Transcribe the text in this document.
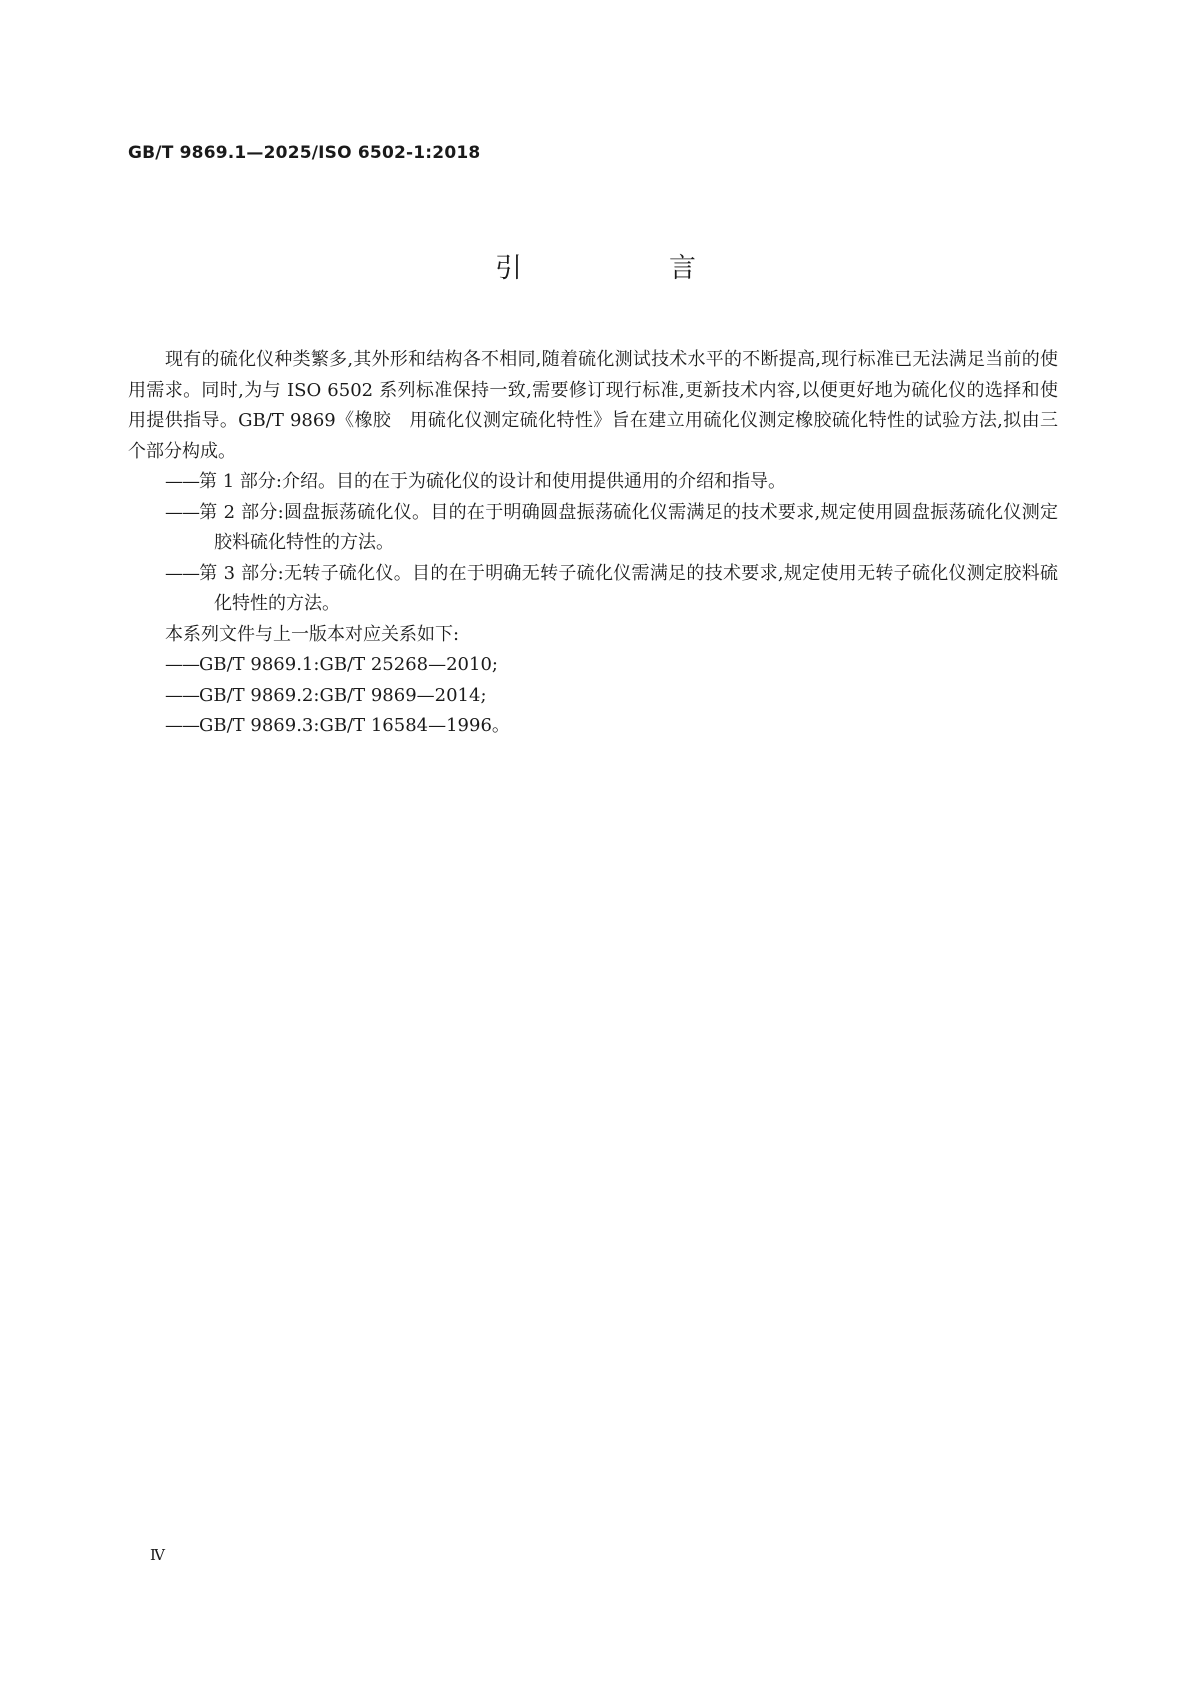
GB/T 9869.1—2025/ISO 6502-1:2018
引　言

现有的硫化仪种类繁多,其外形和结构各不相同,随着硫化测试技术水平的不断提高,现行标准已无法满足当前的使用需求。同时,为与 ISO 6502 系列标准保持一致,需要修订现行标准,更新技术内容,以便更好地为硫化仪的选择和使用提供指导。GB/T 9869《橡胶　用硫化仪测定硫化特性》旨在建立用硫化仪测定橡胶硫化特性的试验方法,拟由三个部分构成。

——第 1 部分:介绍。目的在于为硫化仪的设计和使用提供通用的介绍和指导。

——第 2 部分:圆盘振荡硫化仪。目的在于明确圆盘振荡硫化仪需满足的技术要求,规定使用圆盘振荡硫化仪测定胶料硫化特性的方法。

——第 3 部分:无转子硫化仪。目的在于明确无转子硫化仪需满足的技术要求,规定使用无转子硫化仪测定胶料硫化特性的方法。

本系列文件与上一版本对应关系如下:

——GB/T 9869.1:GB/T 25268—2010;

——GB/T 9869.2:GB/T 9869—2014;

——GB/T 9869.3:GB/T 16584—1996。

Ⅳ
